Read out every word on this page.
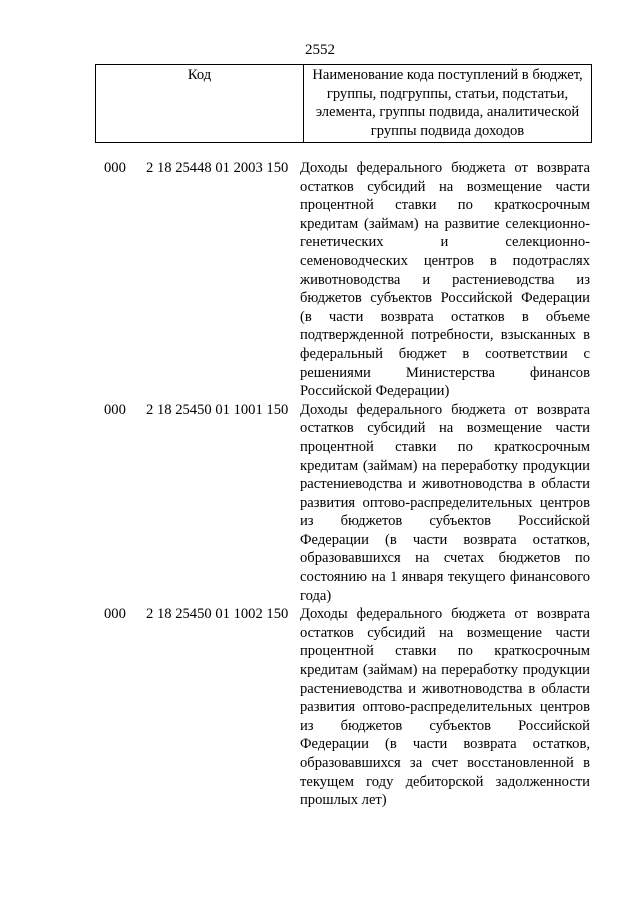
2552
Код	Наименование кода поступлений в бюджет, группы, подгруппы, статьи, подстатьи, элемента, группы подвида, аналитической группы подвида доходов
000	2 18 25448 01 2003 150 Доходы федерального бюджета от возврата остатков субсидий на возмещение части процентной ставки по краткосрочным кредитам (займам) на развитие селекционно-генетических и селекционно-семеноводческих центров в подотраслях животноводства и растениеводства из бюджетов субъектов Российской Федерации (в части возврата остатков в объеме подтвержденной потребности, взысканных в федеральный бюджет в соответствии с решениями Министерства финансов Российской Федерации)
000	2 18 25450 01 1001 150 Доходы федерального бюджета от возврата остатков субсидий на возмещение части процентной ставки по краткосрочным кредитам (займам) на переработку продукции растениеводства и животноводства в области развития оптово-распределительных центров из бюджетов субъектов Российской Федерации (в части возврата остатков, образовавшихся на счетах бюджетов по состоянию на 1 января текущего финансового года)
000	2 18 25450 01 1002 150 Доходы федерального бюджета от возврата остатков субсидий на возмещение части процентной ставки по краткосрочным кредитам (займам) на переработку продукции растениеводства и животноводства в области развития оптово-распределительных центров из бюджетов субъектов Российской Федерации (в части возврата остатков, образовавшихся за счет восстановленной в текущем году дебиторской задолженности прошлых лет)
